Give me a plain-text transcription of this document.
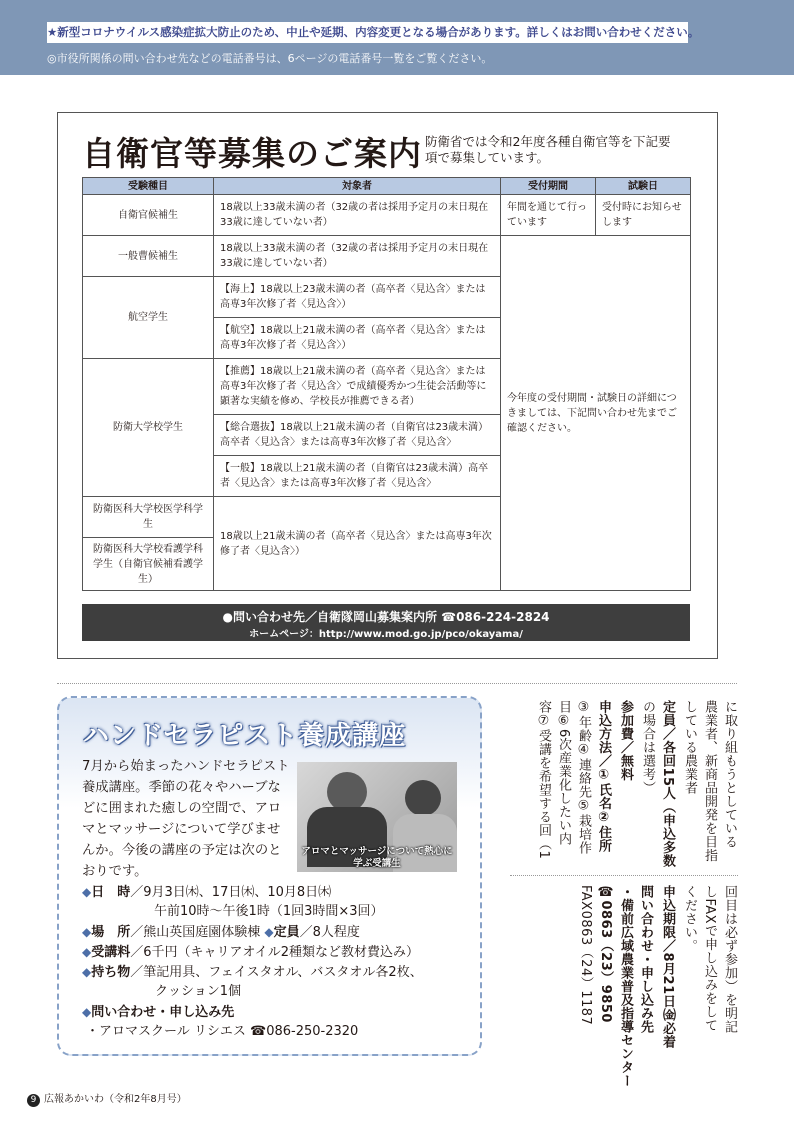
★新型コロナウイルス感染症拡大防止のため、中止や延期、内容変更となる場合があります。詳しくはお問い合わせください。
◎市役所関係の問い合わせ先などの電話番号は、6ページの電話番号一覧をご覧ください。
自衛官等募集のご案内 防衛省では令和2年度各種自衛官等を下記要項で募集しています。
受験種目	対象者	受付期間	試験日
自衛官候補生	18歳以上33歳未満の者（32歳の者は採用予定月の末日現在33歳に達していない者）	年間を通じて行っています	受付時にお知らせします
一般曹候補生	18歳以上33歳未満の者（32歳の者は採用予定月の末日現在33歳に達していない者）	今年度の受付期間・試験日の詳細につきましては、下記問い合わせ先までご確認ください。	
航空学生	【海上】18歳以上23歳未満の者（高卒者〈見込含〉または高専3年次修了者〈見込含〉）		
	【航空】18歳以上21歳未満の者（高卒者〈見込含〉または高専3年次修了者〈見込含〉）		
防衛大学校学生	【推薦】18歳以上21歳未満の者（高卒者〈見込含〉または高専3年次修了者〈見込含〉で成績優秀かつ生徒会活動等に顕著な実績を修め、学校長が推薦できる者）		
	【総合選抜】18歳以上21歳未満の者（自衛官は23歳未満）高卒者〈見込含〉または高専3年次修了者〈見込含〉		
	【一般】18歳以上21歳未満の者（自衛官は23歳未満）高卒者〈見込含〉または高専3年次修了者〈見込含〉		
防衛医科大学校医学科学生	18歳以上21歳未満の者（高卒者〈見込含〉または高専3年次修了者〈見込含〉）		
防衛医科大学校看護学科学生（自衛官候補看護学生）			
●問い合わせ先／自衛隊岡山募集案内所 ☎086-224-2824
ホームページ：http://www.mod.go.jp/pco/okayama/
ハンドセラピスト養成講座
7月から始まったハンドセラピスト養成講座。季節の花々やハーブなどに囲まれた癒しの空間で、アロマとマッサージについて学びませんか。今後の講座の予定は次のとおりです。
アロマとマッサージについて熱心に学ぶ受講生
◆日　時／9月3日㈭、17日㈭、10月8日㈭
午前10時～午後1時（1回3時間×3回）
◆場　所／熊山英国庭園体験棟 ◆定員／8人程度
◆受講料／6千円（キャリアオイル2種類など教材費込み）
◆持ち物／筆記用具、フェイスタオル、バスタオル各2枚、
クッション1個
◆問い合わせ・申し込み先
・アロマスクール リシエス ☎086-250-2320
に取り組もうとしている
農業者、新商品開発を目指
している農業者
定員／各回15人（申込多数
の場合は選考）
参加費／無料
申込方法／①氏名②住所
③年齢④連絡先⑤栽培作
目⑥6次産業化したい内
容⑦受講を希望する回（1
回目は必ず参加）を明記
しFAXで申し込みをして
ください。
申込期限／8月21日㈮必着
問い合わせ・申し込み先
・備前広域農業普及指導センター
☎0863（23）9850
FAX0863（24）1187
9 広報あかいわ（令和2年8月号）
